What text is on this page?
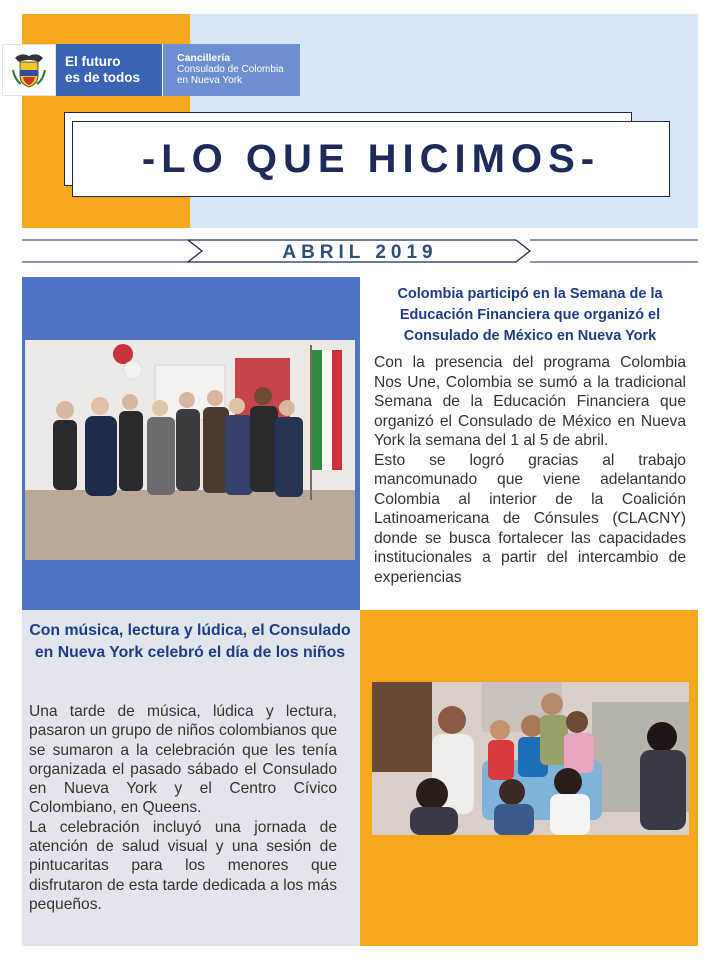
El futuro
es de todos
Cancillería
Consulado de Colombia
en Nueva York
-LO QUE HICIMOS-
ABRIL 2019
Colombia participó en la Semana de la Educación Financiera que organizó el Consulado de México en Nueva York

Con la presencia del programa Colombia Nos Une, Colombia se sumó a la tradicional Semana de la Educación Financiera que organizó el Consulado de México en Nueva York la semana del 1 al 5 de abril.

Esto se logró gracias al trabajo mancomunado que viene adelantando Colombia al interior de la Coalición Latinoamericana de Cónsules (CLACNY) donde se busca fortalecer las capacidades institucionales a partir del intercambio de experiencias

Con música, lectura y lúdica, el Consulado en Nueva York celebró el día de los niños

Una tarde de música, lúdica y lectura, pasaron un grupo de niños colombianos que se sumaron a la celebración que les tenía organizada el pasado sábado el Consulado en Nueva York y el Centro Cívico Colombiano, en Queens.

La celebración incluyó una jornada de atención de salud visual y una sesión de pintucaritas para los menores que disfrutaron de esta tarde dedicada a los más pequeños.
